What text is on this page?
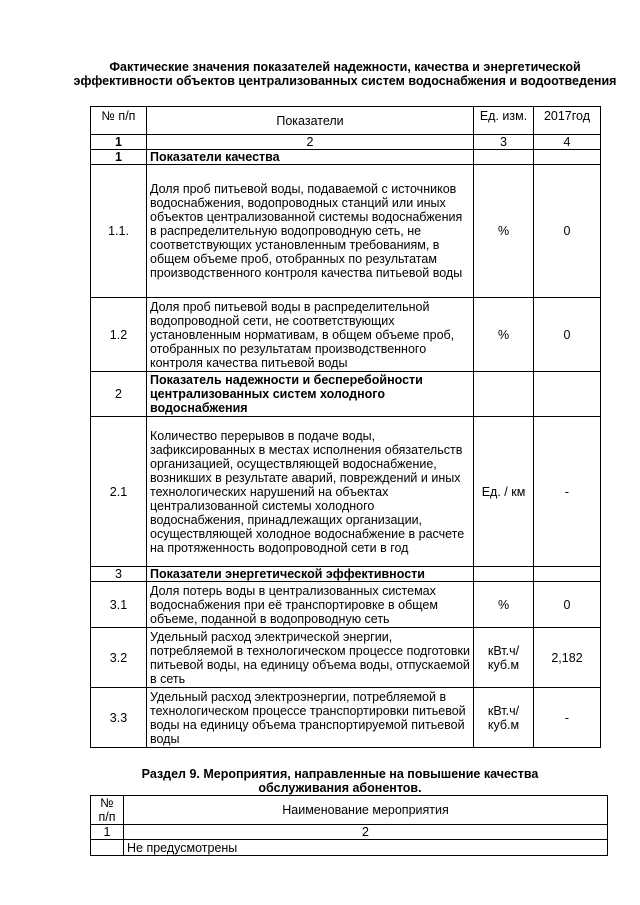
Фактические значения показателей надежности, качества и энергетической эффективности объектов централизованных систем водоснабжения и водоотведения
№ п/п	Показатели	Ед. изм.	2017год
1	2	3	4
1	Показатели качества		
1.1.	Доля проб питьевой воды, подаваемой с источников водоснабжения, водопроводных станций или иных объектов централизованной системы водоснабжения в распределительную водопроводную сеть, не соответствующих установленным требованиям, в общем объеме проб, отобранных по результатам производственного контроля качества питьевой воды	%	0
1.2	Доля проб питьевой воды в распределительной водопроводной сети, не соответствующих установленным нормативам, в общем объеме проб, отобранных по результатам производственного контроля качества питьевой воды	%	0
2	Показатель надежности и бесперебойности централизованных систем холодного водоснабжения		
2.1	Количество перерывов в подаче воды, зафиксированных в местах исполнения обязательств организацией, осуществляющей водоснабжение, возникших в результате аварий, повреждений и иных технологических нарушений на объектах централизованной системы холодного водоснабжения, принадлежащих организации, осуществляющей холодное водоснабжение в расчете на протяженность водопроводной сети в год	Ед. / км	-
3	Показатели энергетической эффективности		
3.1	Доля потерь воды в централизованных системах водоснабжения при её транспортировке в общем объеме, поданной в водопроводную сеть	%	0
3.2	Удельный расход электрической энергии, потребляемой в технологическом процессе подготовки питьевой воды, на единицу объема воды, отпускаемой в сеть	кВт.ч/ куб.м	2,182
3.3	Удельный расход электроэнергии, потребляемой в технологическом процессе транспортировки питьевой воды на единицу объема транспортируемой питьевой воды	кВт.ч/ куб.м	-
Раздел 9. Мероприятия, направленные на повышение качества обслуживания абонентов.
№ п/п	Наименование мероприятия
1	2
	Не предусмотрены
